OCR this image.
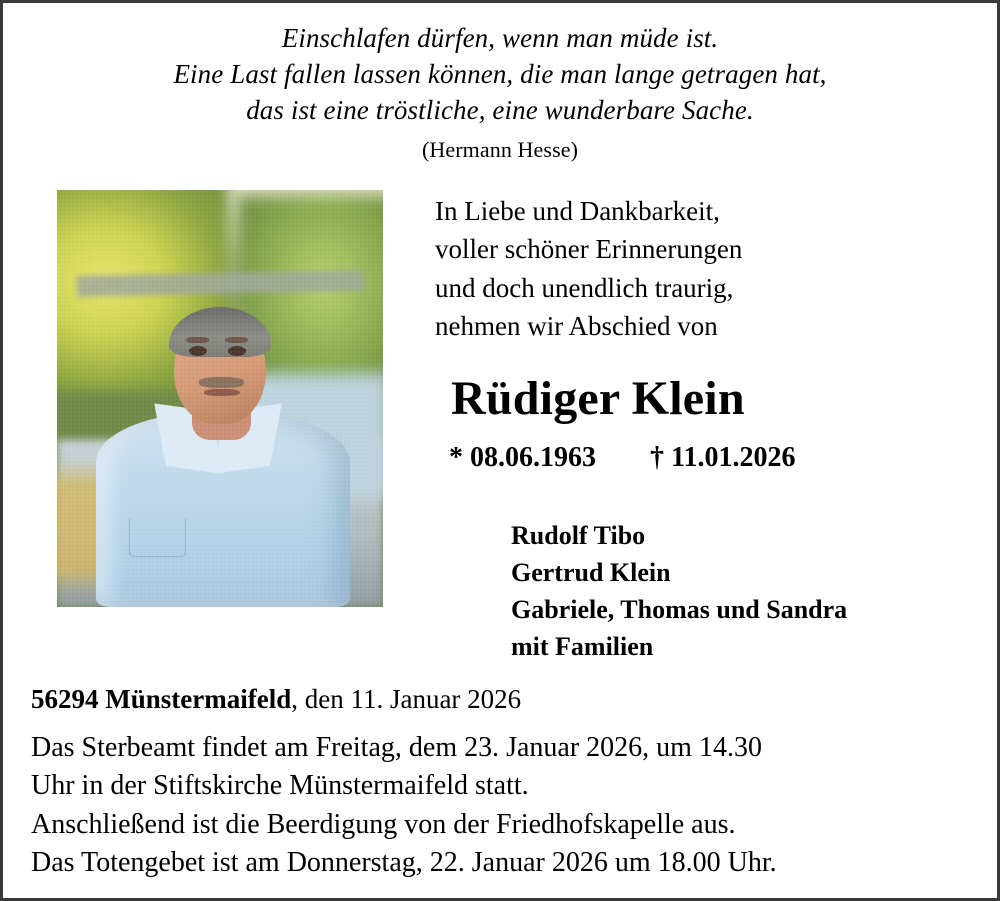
Einschlafen dürfen, wenn man müde ist.
Eine Last fallen lassen können, die man lange getragen hat,
das ist eine tröstliche, eine wunderbare Sache.
(Hermann Hesse)
In Liebe und Dankbarkeit,
voller schöner Erinnerungen
und doch unendlich traurig,
nehmen wir Abschied von
Rüdiger Klein
* 08.06.1963 † 11.01.2026
Rudolf Tibo
Gertrud Klein
Gabriele, Thomas und Sandra
mit Familien
56294 Münstermaifeld, den 11. Januar 2026
Das Sterbeamt findet am Freitag, dem 23. Januar 2026, um 14.30
Uhr in der Stiftskirche Münstermaifeld statt.
Anschließend ist die Beerdigung von der Friedhofskapelle aus.
Das Totengebet ist am Donnerstag, 22. Januar 2026 um 18.00 Uhr.
